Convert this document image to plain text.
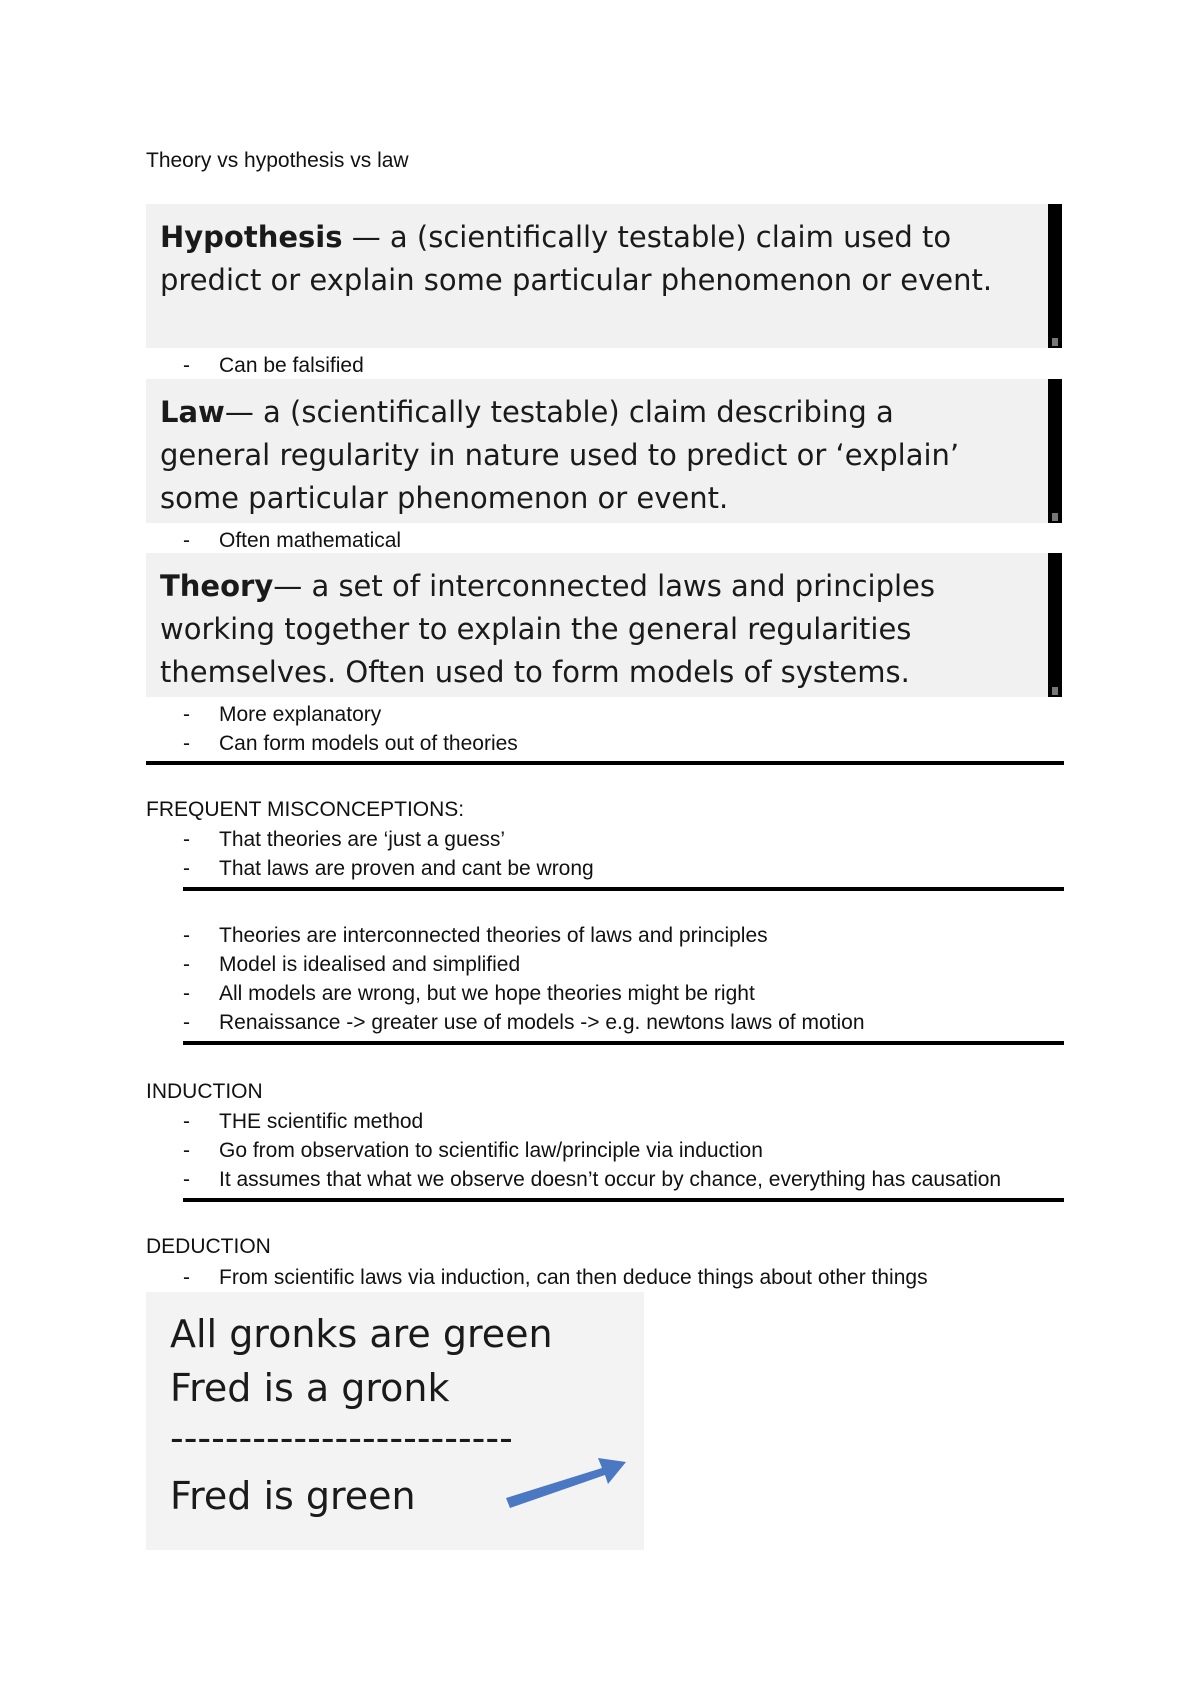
Theory vs hypothesis vs law
Hypothesis — a (scientifically testable) claim used to predict or explain some particular phenomenon or event.
- Can be falsified
Law— a (scientifically testable) claim describing a general regularity in nature used to predict or ‘explain’ some particular phenomenon or event.
- Often mathematical
Theory— a set of interconnected laws and principles working together to explain the general regularities themselves. Often used to form models of systems.
- More explanatory
- Can form models out of theories
FREQUENT MISCONCEPTIONS:
- That theories are ‘just a guess’
- That laws are proven and cant be wrong
- Theories are interconnected theories of laws and principles
- Model is idealised and simplified
- All models are wrong, but we hope theories might be right
- Renaissance -> greater use of models -> e.g. newtons laws of motion
INDUCTION
- THE scientific method
- Go from observation to scientific law/principle via induction
- It assumes that what we observe doesn’t occur by chance, everything has causation
DEDUCTION
- From scientific laws via induction, can then deduce things about other things
All gronks are green
Fred is a gronk
-------------------------
Fred is green
